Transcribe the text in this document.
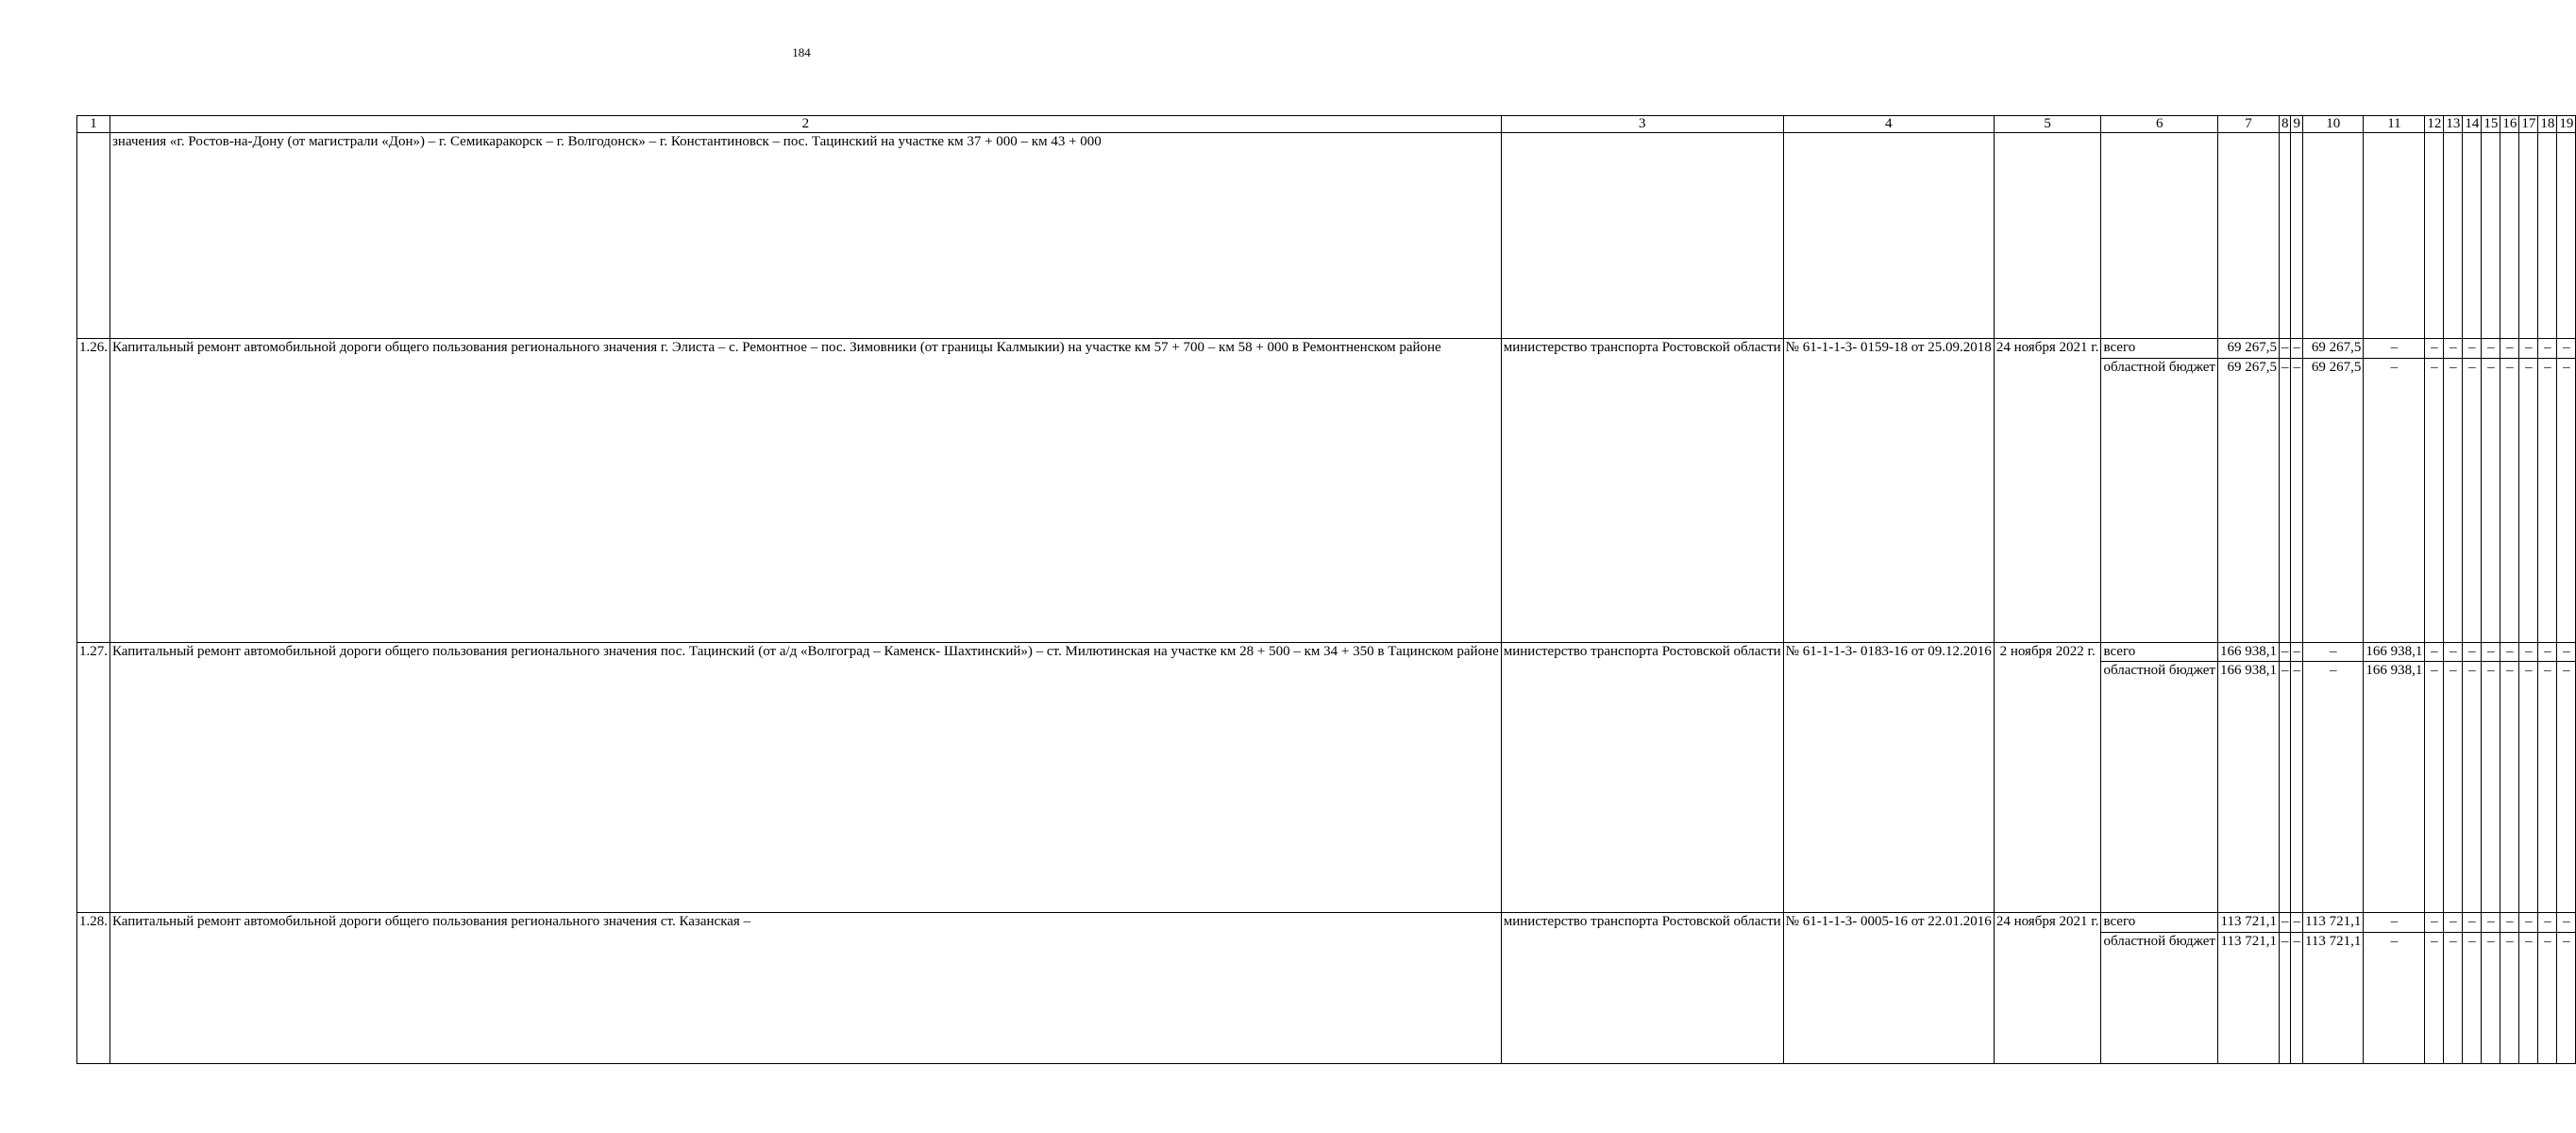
184
1	2	3	4	5	6	7	8	9	10	11	12	13	14	15	16	17	18	19
	значения «г. Ростов-на-Дону (от магистрали «Дон») – г. Семикаракорск – г. Волгодонск» – г. Константиновск – пос. Тацинский на участке км 37 + 000 – км 43 + 000																	
1.26.	Капитальный ремонт автомобильной дороги общего пользования регионального значения г. Элиста – с. Ремонтное – пос. Зимовники (от границы Калмыкии) на участке км 57 + 700 – км 58 + 000 в Ремонтненском районе	министерство транспорта Ростовской области	№ 61-1-1-3- 0159-18 от 25.09.2018	24 ноября 2021 г.	всего	69 267,5	–	–	69 267,5	–	–	–	–	–	–	–	–	–
					областной бюджет	69 267,5	–	–	69 267,5	–	–	–	–	–	–	–	–	–
1.27.	Капитальный ремонт автомобильной дороги общего пользования регионального значения пос. Тацинский (от а/д «Волгоград – Каменск- Шахтинский») – ст. Милютинская на участке км 28 + 500 – км 34 + 350 в Тацинском районе	министерство транспорта Ростовской области	№ 61-1-1-3- 0183-16 от 09.12.2016	2 ноября 2022 г.	всего	166 938,1	–	–	–	166 938,1	–	–	–	–	–	–	–	–
					областной бюджет	166 938,1	–	–	–	166 938,1	–	–	–	–	–	–	–	–
1.28.	Капитальный ремонт автомобильной дороги общего пользования регионального значения ст. Казанская –	министерство транспорта Ростовской области	№ 61-1-1-3- 0005-16 от 22.01.2016	24 ноября 2021 г.	всего	113 721,1	–	–	113 721,1	–	–	–	–	–	–	–	–	–
					областной бюджет	113 721,1	–	–	113 721,1	–	–	–	–	–	–	–	–	–
